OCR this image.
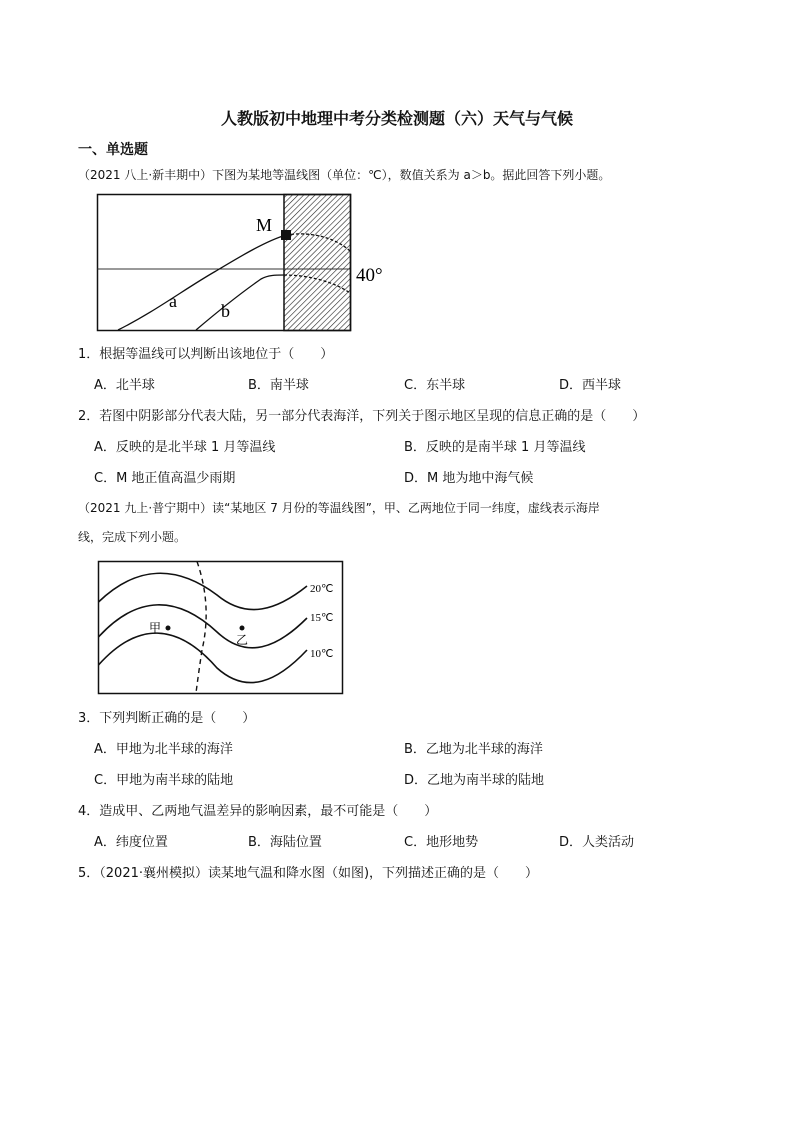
人教版初中地理中考分类检测题（六）天气与气候
一、单选题
（2021 八上·新丰期中）下图为某地等温线图（单位：℃），数值关系为 a＞b。据此回答下列小题。
M
a b
40°
1．根据等温线可以判断出该地位于（　　）
A．北半球	B．南半球	C．东半球	D．西半球
2．若图中阴影部分代表大陆，另一部分代表海洋，下列关于图示地区呈现的信息正确的是（　　）
A．反映的是北半球 1 月等温线	B．反映的是南半球 1 月等温线
C．M 地正值高温少雨期	D．M 地为地中海气候
（2021 九上·普宁期中）读“某地区 7 月份的等温线图”，甲、乙两地位于同一纬度，虚线表示海岸
线，完成下列小题。
20℃
15℃
10℃
甲
乙
3．下列判断正确的是（　　）
A．甲地为北半球的海洋	B．乙地为北半球的海洋
C．甲地为南半球的陆地	D．乙地为南半球的陆地
4．造成甲、乙两地气温差异的影响因素，最不可能是（　　）
A．纬度位置	B．海陆位置	C．地形地势	D．人类活动
5．（2021·襄州模拟）读某地气温和降水图（如图)，下列描述正确的是（　　）
